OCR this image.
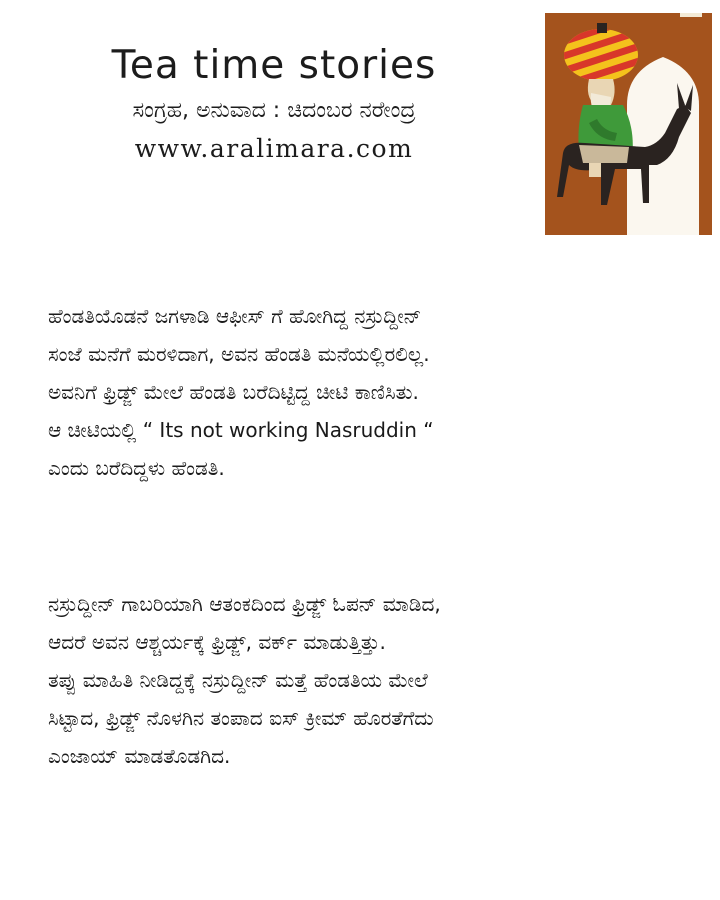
Tea time stories
ಸಂಗ್ರಹ, ಅನುವಾದ : ಚಿದಂಬರ ನರೇಂದ್ರ
www.aralimara.com
ಹೆಂಡತಿಯೊಡನೆ ಜಗಳಾಡಿ ಆಫೀಸ್ ಗೆ ಹೋಗಿದ್ದ ನಸ್ರುದ್ದೀನ್
ಸಂಜೆ ಮನೆಗೆ ಮರಳಿದಾಗ, ಅವನ ಹೆಂಡತಿ ಮನೆಯಲ್ಲಿರಲಿಲ್ಲ.
ಅವನಿಗೆ ಫ್ರಿಡ್ಜ್ ಮೇಲೆ ಹೆಂಡತಿ ಬರೆದಿಟ್ಟಿದ್ದ ಚೀಟಿ ಕಾಣಿಸಿತು.
ಆ ಚೀಟಿಯಲ್ಲಿ “ Its not working Nasruddin “
ಎಂದು ಬರೆದಿದ್ದಳು ಹೆಂಡತಿ.
ನಸ್ರುದ್ದೀನ್ ಗಾಬರಿಯಾಗಿ ಆತಂಕದಿಂದ ಫ್ರಿಡ್ಜ್ ಓಪನ್ ಮಾಡಿದ,
ಆದರೆ ಅವನ ಆಶ್ಚರ್ಯಕ್ಕೆ ಫ್ರಿಡ್ಜ್, ವರ್ಕ್ ಮಾಡುತ್ತಿತ್ತು.
ತಪ್ಪು ಮಾಹಿತಿ ನೀಡಿದ್ದಕ್ಕೆ ನಸ್ರುದ್ದೀನ್ ಮತ್ತೆ ಹೆಂಡತಿಯ ಮೇಲೆ
ಸಿಟ್ಟಾದ, ಫ್ರಿಡ್ಜ್ ನೊಳಗಿನ ತಂಪಾದ ಐಸ್ ಕ್ರೀಮ್ ಹೊರತೆಗೆದು
ಎಂಜಾಯ್ ಮಾಡತೊಡಗಿದ.
